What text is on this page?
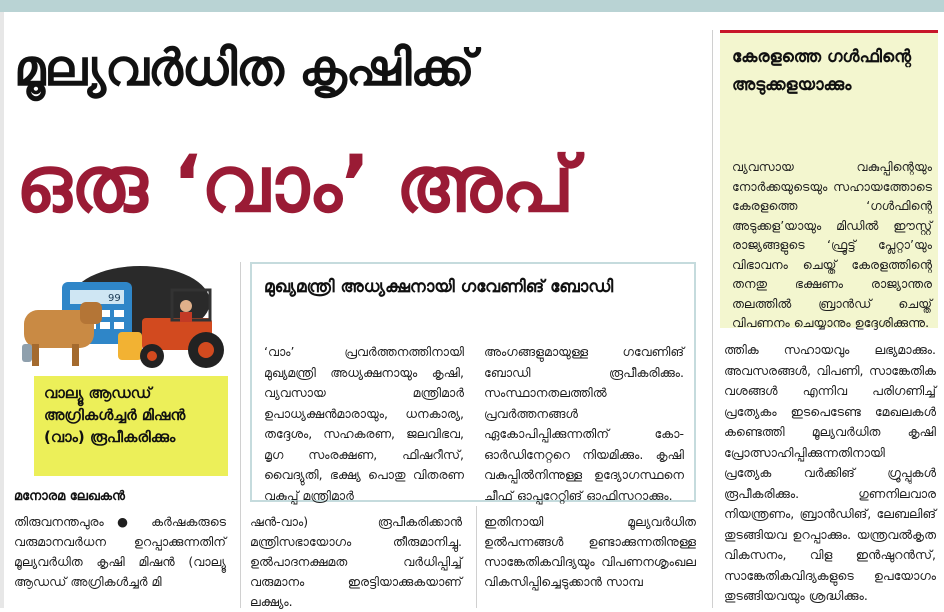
മൂല്യവർധിത കൃഷിക്ക്
ഒരു ‘വാം’ അപ്
കേരളത്തെ ഗൾഫിന്റെ അടുക്കളയാക്കും
വ്യവസായ വകുപ്പിന്റെയും നോർക്കയുടെയും സഹായത്തോടെ കേരളത്തെ ‘ഗൾഫിന്റെ അടുക്കള’യായും മിഡിൽ ഈസ്റ്റ് രാജ്യങ്ങളുടെ ‘ഫ്രൂട്ട് പ്ലേറ്റാ’യും വിഭാവനം ചെയ്ത് കേരളത്തിന്റെ തനതു ഭക്ഷണം രാജ്യാന്തര തലത്തിൽ ബ്രാൻഡ് ചെയ്ത് വിപണനം ചെയ്യാനും ഉദ്ദേശിക്കുന്നു.
99
വാല്യൂ ആഡഡ് അഗ്രികൾച്ചർ മിഷൻ (വാം) രൂപീകരിക്കും
മനോരമ ലേഖകൻ
മുഖ്യമന്ത്രി അധ്യക്ഷനായി ഗവേണിങ് ബോഡി
‘വാം’ പ്രവർത്തനത്തിനായി മുഖ്യമന്ത്രി അധ്യക്ഷനായും കൃഷി, വ്യവസായ മന്ത്രിമാർ ഉപാധ്യക്ഷൻമാരായും, ധനകാര്യ, തദ്ദേശം, സഹകരണ, ജലവിഭവ, മൃഗ സംരക്ഷണ, ഫിഷറീസ്, വൈദ്യുതി, ഭക്ഷ്യ പൊതു വിതരണ വകുപ്പ് മന്ത്രിമാർ
അംഗങ്ങളുമായുള്ള ഗവേണിങ് ബോഡി രൂപീകരിക്കും. സംസ്ഥാനതലത്തിൽ പ്രവർത്തനങ്ങൾ ഏകോപിപ്പിക്കുന്നതിന് കോ-ഓർഡിനേറ്ററെ നിയമിക്കും. കൃഷി വകുപ്പിൽനിന്നുള്ള ഉദ്യോഗസ്ഥനെ ചീഫ് ഓപ്പറേറ്റിങ് ഓഫിസറാക്കും.
തിരുവനന്തപുരം ● കർഷകരുടെ വരുമാനവർധന ഉറപ്പാക്കുന്നതിന് മൂല്യവർധിത കൃഷി മിഷൻ (വാല്യൂ ആഡഡ് അഗ്രികൾച്ചർ മി
ഷൻ-വാം) രൂപീകരിക്കാൻ മന്ത്രിസഭായോഗം തീരുമാനിച്ചു. ഉൽപാദനക്ഷമത വർധിപ്പിച്ച് വരുമാനം ഇരട്ടിയാക്കുകയാണ് ലക്ഷ്യം.
ഇതിനായി മൂല്യവർധിത ഉൽപന്നങ്ങൾ ഉണ്ടാക്കുന്നതിനുള്ള സാങ്കേതികവിദ്യയും വിപണനശൃംഖല വികസിപ്പിച്ചെടുക്കാൻ സാമ്പ
ത്തിക സഹായവും ലഭ്യമാക്കും. അവസരങ്ങൾ, വിപണി, സാങ്കേതിക വശങ്ങൾ എന്നിവ പരിഗണിച്ച് പ്രത്യേകം ഇടപെടേണ്ട മേഖലകൾ കണ്ടെത്തി മൂല്യവർധിത കൃഷി പ്രോത്സാഹിപ്പിക്കുന്നതിനായി പ്രത്യേക വർക്കിങ് ഗ്രൂപ്പുകൾ രൂപീകരിക്കും. ഗുണനിലവാര നിയന്ത്രണം, ബ്രാൻഡിങ്, ലേബലിങ് തുടങ്ങിയവ ഉറപ്പാക്കും. യന്ത്രവൽകൃത വികസനം, വിള ഇൻഷുറൻസ്, സാങ്കേതികവിദ്യകളുടെ ഉപയോഗം തുടങ്ങിയവയും ശ്രദ്ധിക്കും.
